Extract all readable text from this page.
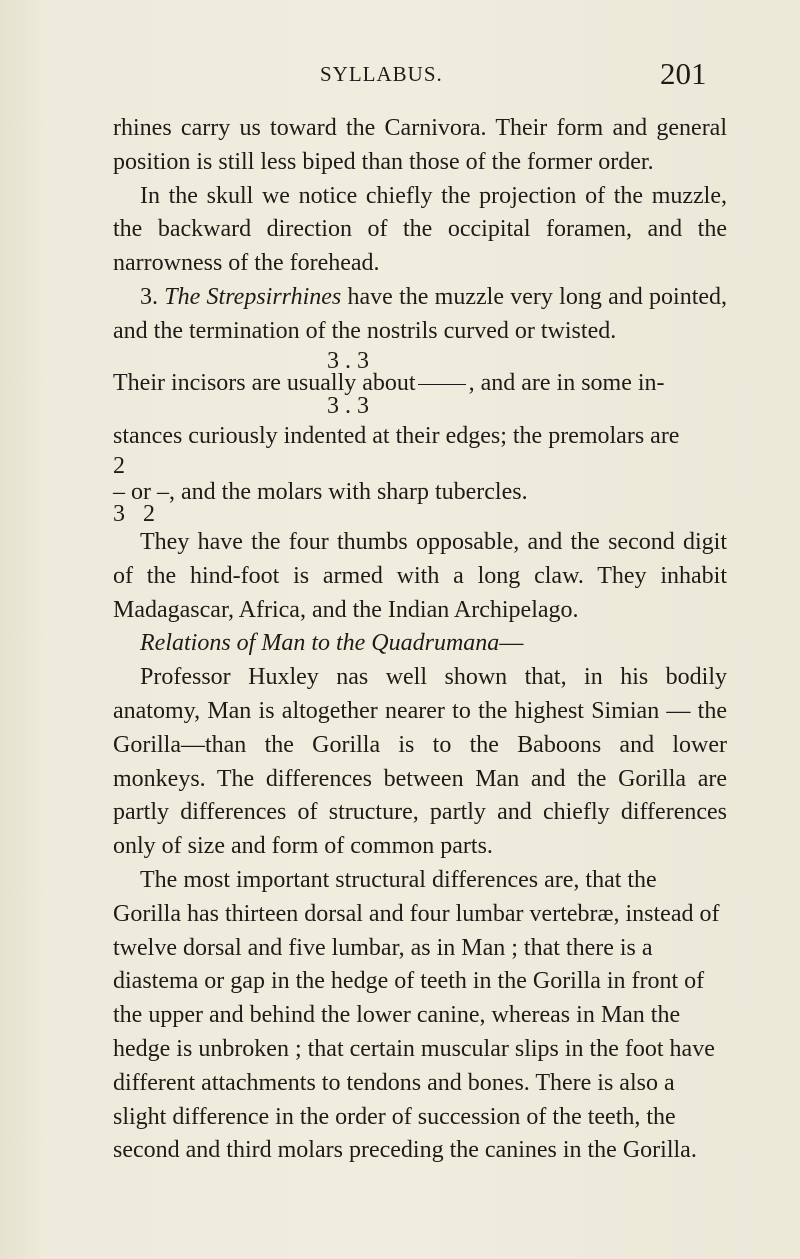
SYLLABUS.	201

rhines carry us toward the Carnivora. Their form and general position is still less biped than those of the former order.

In the skull we notice chiefly the projection of the muzzle, the backward direction of the occipital foramen, and the narrowness of the forehead.

3. The Strepsirrhines have the muzzle very long and pointed, and the termination of the nostrils curved or twisted.

3 . 3

Their incisors are usually about , and are in some in-

3 . 3

stances curiously indented at their edges; the premolars are

2

– or –, and the molars with sharp tubercles.

3   2

They have the four thumbs opposable, and the second digit of the hind-foot is armed with a long claw. They inhabit Madagascar, Africa, and the Indian Archipelago.

Relations of Man to the Quadrumana—

Professor Huxley nas well shown that, in his bodily anatomy, Man is altogether nearer to the highest Simian — the Gorilla—than the Gorilla is to the Baboons and lower monkeys. The differences between Man and the Gorilla are partly differences of structure, partly and chiefly differences only of size and form of common parts.

The most important structural differences are, that the Gorilla has thirteen dorsal and four lumbar vertebræ, instead of twelve dorsal and five lumbar, as in Man ; that there is a diastema or gap in the hedge of teeth in the Gorilla in front of the upper and behind the lower canine, whereas in Man the hedge is unbroken ; that certain muscular slips in the foot have different attachments to tendons and bones. There is also a slight difference in the order of succession of the teeth, the second and third molars preceding the canines in the Gorilla.
